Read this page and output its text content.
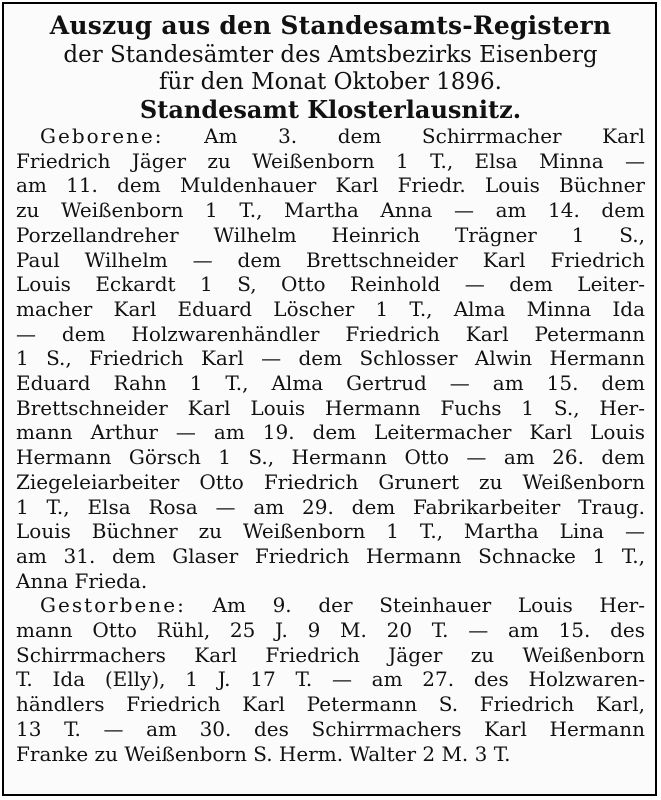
Auszug aus den Standesamts-Registern
der Standesämter des Amtsbezirks Eisenberg
für den Monat Oktober 1896.
Standesamt Klosterlausnitz.
Geborene: Am 3. dem Schirrmacher Karl
Friedrich Jäger zu Weißenborn 1 T., Elsa Minna —
am 11. dem Muldenhauer Karl Friedr. Louis Büchner
zu Weißenborn 1 T., Martha Anna — am 14. dem
Porzellandreher Wilhelm Heinrich Trägner 1 S.,
Paul Wilhelm — dem Brettschneider Karl Friedrich
Louis Eckardt 1 S, Otto Reinhold — dem Leiter-
macher Karl Eduard Löscher 1 T., Alma Minna Ida
— dem Holzwarenhändler Friedrich Karl Petermann
1 S., Friedrich Karl — dem Schlosser Alwin Hermann
Eduard Rahn 1 T., Alma Gertrud — am 15. dem
Brettschneider Karl Louis Hermann Fuchs 1 S., Her-
mann Arthur — am 19. dem Leitermacher Karl Louis
Hermann Görsch 1 S., Hermann Otto — am 26. dem
Ziegeleiarbeiter Otto Friedrich Grunert zu Weißenborn
1 T., Elsa Rosa — am 29. dem Fabrikarbeiter Traug.
Louis Büchner zu Weißenborn 1 T., Martha Lina —
am 31. dem Glaser Friedrich Hermann Schnacke 1 T.,
Anna Frieda.
Gestorbene: Am 9. der Steinhauer Louis Her-
mann Otto Rühl, 25 J. 9 M. 20 T. — am 15. des
Schirrmachers Karl Friedrich Jäger zu Weißenborn
T. Ida (Elly), 1 J. 17 T. — am 27. des Holzwaren-
händlers Friedrich Karl Petermann S. Friedrich Karl,
13 T. — am 30. des Schirrmachers Karl Hermann
Franke zu Weißenborn S. Herm. Walter 2 M. 3 T.
